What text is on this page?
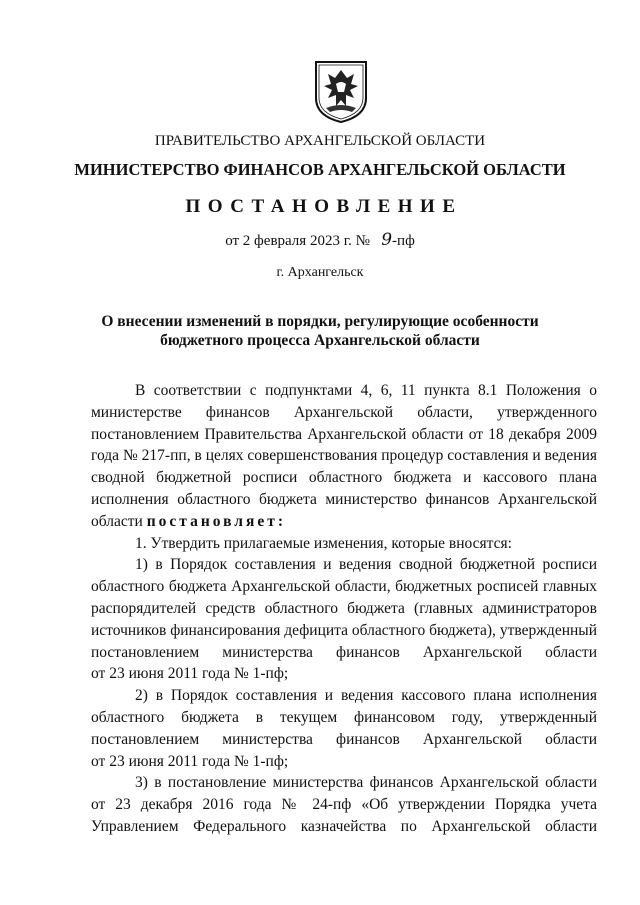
ПРАВИТЕЛЬСТВО АРХАНГЕЛЬСКОЙ ОБЛАСТИ
МИНИСТЕРСТВО ФИНАНСОВ АРХАНГЕЛЬСКОЙ ОБЛАСТИ
ПОСТАНОВЛЕНИЕ
от 2 февраля 2023 г. № 9-пф
г. Архангельск
О внесении изменений в порядки, регулирующие особенности
бюджетного процесса Архангельской области

В соответствии с подпунктами 4, 6, 11 пункта 8.1 Положения о министерстве финансов Архангельской области, утвержденного постановлением Правительства Архангельской области от 18 декабря 2009 года № 217-пп, в целях совершенствования процедур составления и ведения сводной бюджетной росписи областного бюджета и кассового плана исполнения областного бюджета министерство финансов Архангельской области постановляет:

1. Утвердить прилагаемые изменения, которые вносятся:

1) в Порядок составления и ведения сводной бюджетной росписи областного бюджета Архангельской области, бюджетных росписей главных распорядителей средств областного бюджета (главных администраторов источников финансирования дефицита областного бюджета), утвержденный постановлением министерства финансов Архангельской области

от 23 июня 2011 года № 1-пф;

2) в Порядок составления и ведения кассового плана исполнения областного бюджета в текущем финансовом году, утвержденный постановлением министерства финансов Архангельской области

от 23 июня 2011 года № 1-пф;

3) в постановление министерства финансов Архангельской области от 23 декабря 2016 года № 24-пф «Об утверждении Порядка учета Управлением Федерального казначейства по Архангельской области
